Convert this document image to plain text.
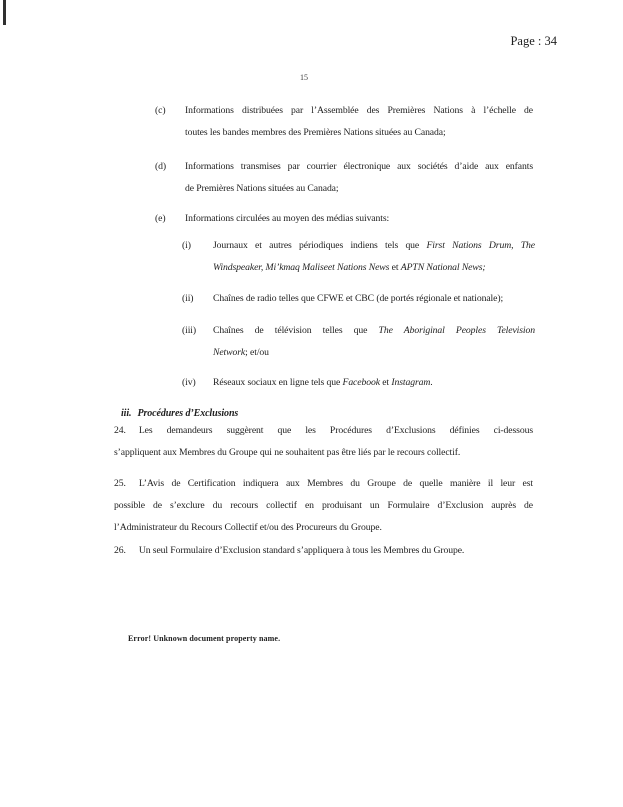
Page : 34
15
(c) Informations distribuées par l’Assemblée des Premières Nations à l’échelle de
toutes les bandes membres des Premières Nations situées au Canada;
(d) Informations transmises par courrier électronique aux sociétés d’aide aux enfants
de Premières Nations situées au Canada;
(e) Informations circulées au moyen des médias suivants:
(i) Journaux et autres périodiques indiens tels que First Nations Drum, The
Windspeaker, Mi’kmaq Maliseet Nations News et APTN National News;
(ii) Chaînes de radio telles que CFWE et CBC (de portés régionale et nationale);
(iii) Chaînes de télévision telles que The Aboriginal Peoples Television
Network; et/ou
(iv) Réseaux sociaux en ligne tels que Facebook et Instagram.
iii. Procédures d’Exclusions
24. Les demandeurs suggèrent que les Procédures d’Exclusions définies ci-dessous
s’appliquent aux Membres du Groupe qui ne souhaitent pas être liés par le recours collectif.
25. L’Avis de Certification indiquera aux Membres du Groupe de quelle manière il leur est
possible de s’exclure du recours collectif en produisant un Formulaire d’Exclusion auprès de
l’Administrateur du Recours Collectif et/ou des Procureurs du Groupe.
26. Un seul Formulaire d’Exclusion standard s’appliquera à tous les Membres du Groupe.
Error! Unknown document property name.
